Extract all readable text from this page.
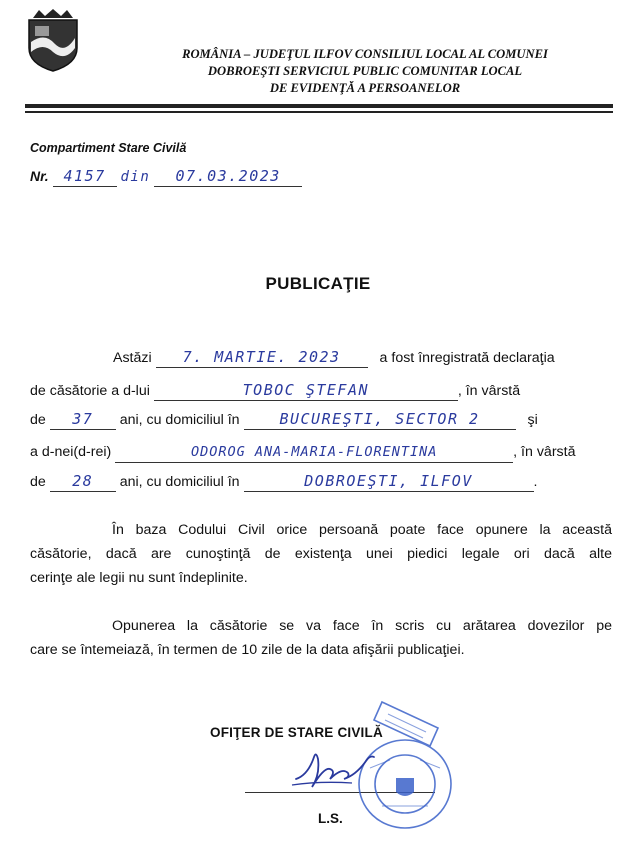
ROMÂNIA – JUDEŢUL ILFOV CONSILIUL LOCAL AL COMUNEI
DOBROEŞTI SERVICIUL PUBLIC COMUNITAR LOCAL
DE EVIDENŢĂ A PERSOANELOR
Compartiment Stare Civilă
Nr. 4157 din 07.03.2023
PUBLICAŢIE
Astăzi 7. MARTIE. 2023	a fost înregistrată declaraţia
de căsătorie a d-lui	TOBOC ŞTEFAN	, în vârstă
de 37 ani, cu domiciliul în	BUCUREŞTI, SECTOR 2	şi
a d-nei(d-rei)	ODOROG ANA-MARIA-FLORENTINA	, în vârstă
de 28 ani, cu domiciliul în	DOBROEŞTI, ILFOV	.
În baza Codului Civil orice persoană poate face opunere la această
căsătorie, dacă are cunoştinţă de existenţa unei piedici legale ori dacă alte
cerinţe ale legii nu sunt îndeplinite.
Opunerea la căsătorie se va face în scris cu arătarea dovezilor pe
care se întemeiază, în termen de 10 zile de la data afişării publicaţiei.
OFIŢER DE STARE CIVILĂ
L.S.
